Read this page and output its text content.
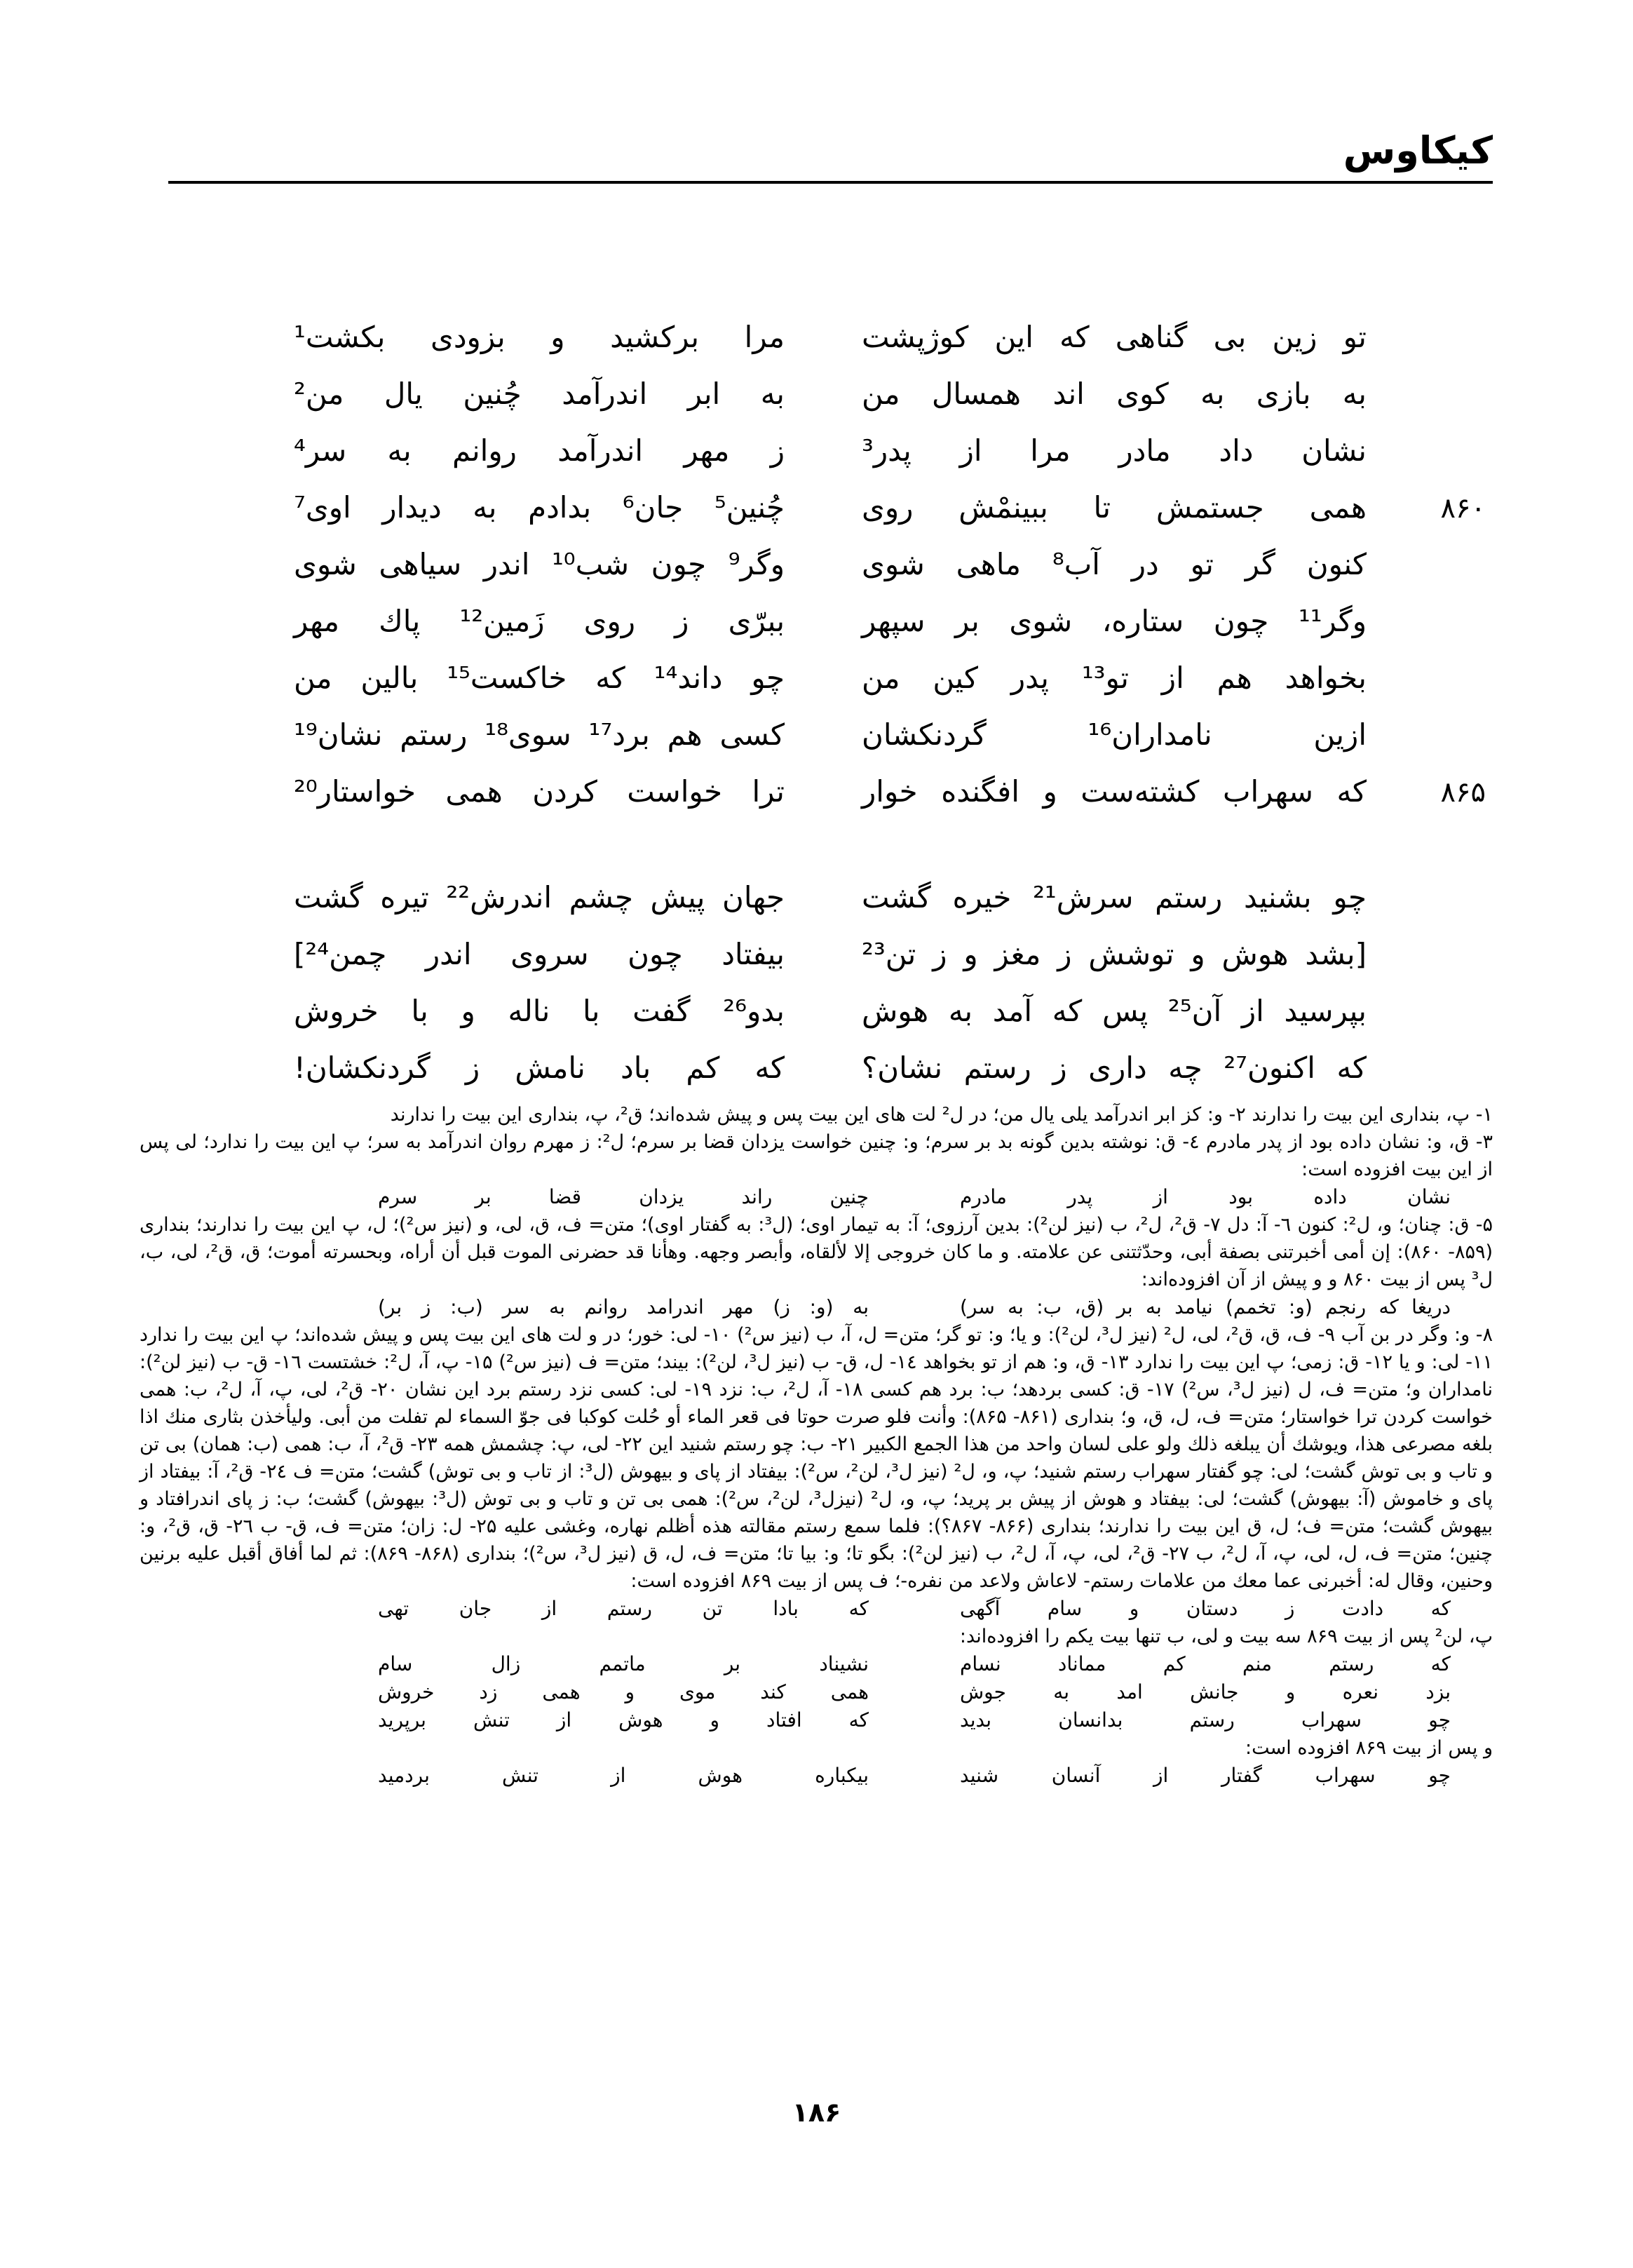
کیکاوس
تو زین بی گناهی که این کوژپشت
مرا برکشید و بزودی بکشت¹
به بازی به کوی اند همسال من
به ابر اندرآمد چُنین یال من²
نشان داد مادر مرا از پدر³
ز مهر اندرآمد روانم به سر⁴
۸۶۰
همی جستمش تا ببینمْش روی
چُنین⁵ جان⁶ بدادم به دیدار اوی⁷
کنون گر تو در آب⁸ ماهی شوی
وگر⁹ چون شب¹⁰ اندر سیاهی شوی
وگر¹¹ چون ستاره، شوی بر سپهر
ببرّی ز روی زَمین¹² پاك مهر
بخواهد هم از تو¹³ پدر کین من
چو داند¹⁴ که خاکست¹⁵ بالین من
ازین نامداران¹⁶ گردنکشان
کسی هم برد¹⁷ سوی¹⁸ رستم نشان¹⁹
۸۶۵
که سهراب کشته‌ست و افگنده خوار
ترا خواست کردن همی خواستار²⁰
چو بشنید رستم سرش²¹ خیره گشت
جهان پیش چشم اندرش²² تیره گشت
[بشد هوش و توشش ز مغز و ز تن²³
بیفتاد چون سروی اندر چمن²⁴]
بپرسید از آن²⁵ پس که آمد به هوش
بدو²⁶ گفت با ناله و با خروش
که اکنون²⁷ چه داری ز رستم نشان؟
که کم باد نامش ز گردنکشان!

۱- پ، بنداری این بیت را ندارند ۲- و: کز ابر اندرآمد یلی یال من؛ در ل² لت های این بیت پس و پیش شده‌اند؛ ق²، پ، بنداری این بیت را ندارند

۳- ق، و: نشان داده بود از پدر مادرم ٤- ق: نوشته بدین گونه بد بر سرم؛ و: چنین خواست یزدان قضا بر سرم؛ ل²: ز مهرم روان اندرآمد به سر؛ پ این بیت را ندارد؛ لی پس از این بیت افزوده است:

نشان داده بود از پدر مادرم
چنین راند یزدان قضا بر سرم

۵- ق: چنان؛ و، ل²: کنون ٦- آ: دل ۷- ق²، ل²، ب (نیز لن²): بدین آرزوی؛ آ: به تیمار اوی؛ (ل³: به گفتار اوی)؛ متن= ف، ق، لی، و (نیز س²)؛ ل، پ این بیت را ندارند؛ بنداری (۸۵۹- ۸۶۰): إن أمی أخبرتنی بصفة أبی، وحدّثتنی عن علامته. و ما کان خروجی إلا لألقاه، وأبصر وجهه. وهأنا قد حضرنی الموت قبل أن أراه، وبحسرته أموت؛ ق، ق²، لی، ب، ل³ پس از بیت ۸۶۰ و و پیش از آن افزوده‌اند:

دریغا که رنجم (و: تخمم) نیامد به بر (ق، ب: به سر)
به (و: ز) مهر اندرامد روانم به سر (ب: ز بر)

۸- و: وگر در بن آب ۹- ف، ق، ق²، لی، ل² (نیز ل³، لن²): و یا؛ و: تو گر؛ متن= ل، آ، ب (نیز س²) ۱۰- لی: خور؛ در و لت های این بیت پس و پیش شده‌اند؛ پ این بیت را ندارد ۱۱- لی: و یا ۱۲- ق: زمی؛ پ این بیت را ندارد ۱۳- ق، و: هم از تو بخواهد ١٤- ل، ق- ب (نیز ل³، لن²): بیند؛ متن= ف (نیز س²) ۱۵- پ، آ، ل²: خشتست ۱٦- ق- ب (نیز لن²): نامداران و؛ متن= ف، ل (نیز ل³، س²) ۱۷- ق: کسی بردهد؛ ب: برد هم کسی ۱۸- آ، ل²، ب: نزد ۱۹- لی: کسی نزد رستم برد این نشان ۲۰- ق²، لی، پ، آ، ل²، ب: همی خواست کردن ترا خواستار؛ متن= ف، ل، ق، و؛ بنداری (۸۶۱- ۸۶۵): وأنت فلو صرت حوتا فی قعر الماء أو حُلت کوکبا فی جوّ السماء لم تفلت من أبی. ولیأخذن بثاری منك اذا بلغه مصرعی هذا، ویوشك أن یبلغه ذلك ولو علی لسان واحد من هذا الجمع الکبیر ۲۱- ب: چو رستم شنید این ۲۲- لی، پ: چشمش همه ۲۳- ق²، آ، ب: همی (ب: همان) بی تن و تاب و بی توش گشت؛ لی: چو گفتار سهراب رستم شنید؛ پ، و، ل² (نیز ل³، لن²، س²): بیفتاد از پای و بیهوش (ل³: از تاب و بی توش) گشت؛ متن= ف ٢٤- ق²، آ: بیفتاد از پای و خاموش (آ: بیهوش) گشت؛ لی: بیفتاد و هوش از پیش بر پرید؛ پ، و، ل² (نیزل³، لن²، س²): همی بی تن و تاب و بی توش (ل³: بیهوش) گشت؛ ب: ز پای اندرافتاد و بیهوش گشت؛ متن= ف؛ ل، ق این بیت را ندارند؛ بنداری (۸۶۶- ۸۶۷؟): فلما سمع رستم مقالته هذه أظلم نهاره، وغشی علیه ۲۵- ل: زان؛ متن= ف، ق- ب ۲٦- ق، ق²، و: چنین؛ متن= ف، ل، لی، پ، آ، ل²، ب ۲۷- ق²، لی، پ، آ، ل²، ب (نیز لن²): بگو تا؛ و: بیا تا؛ متن= ف، ل، ق (نیز ل³، س²)؛ بنداری (۸۶۸- ۸۶۹): ثم لما أفاق أقبل علیه برنین وحنین، وقال له: أخبرنی عما معك من علامات رستم- لاعاش ولاعد من نفره-؛ ف پس از بیت ۸۶۹ افزوده است:

که دادت ز دستان و سام آگهی
که بادا تن رستم از جان تهی

پ، لن² پس از بیت ۸۶۹ سه بیت و لی، ب تنها بیت یکم را افزوده‌اند:

که رستم منم کم مماناد نسام
نشیناد بر ماتمم زال سام
بزد نعره و جانش امد به جوش
همی کند موی و همی زد خروش
چو سهراب رستم بدانسان بدید
که افتاد و هوش از تنش برپرید

و پس از بیت ۸۶۹ افزوده است:

چو سهراب گفتار از آنسان شنید
بیکباره هوش از تنش بردمید
۱۸۶
